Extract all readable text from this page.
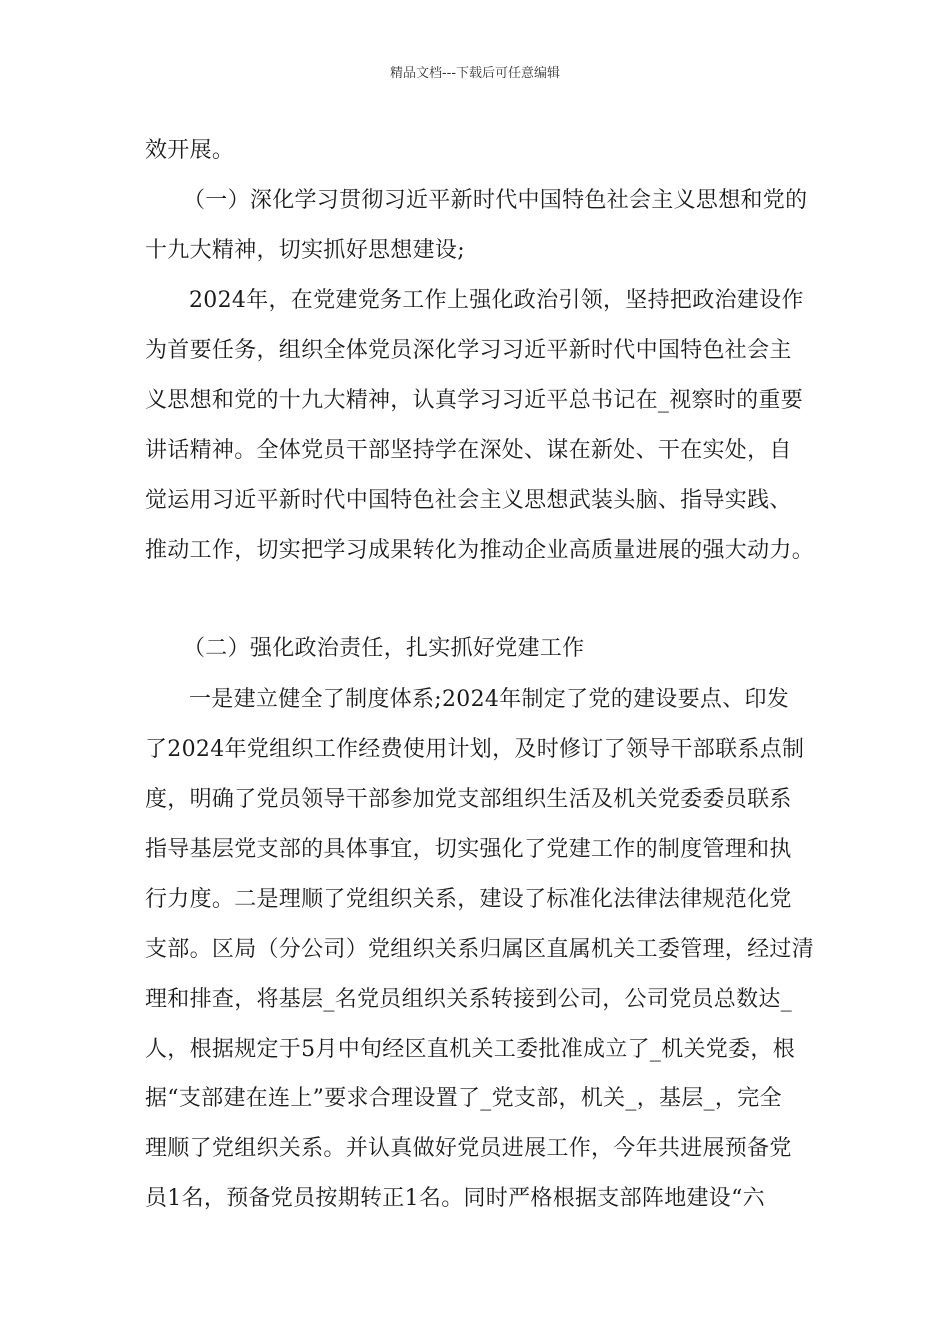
精品文档---下载后可任意编辑
效开展。
（一）深化学习贯彻习近平新时代中国特色社会主义思想和党的
十九大精神，切实抓好思想建设;
2024年，在党建党务工作上强化政治引领，坚持把政治建设作
为首要任务，组织全体党员深化学习习近平新时代中国特色社会主
义思想和党的十九大精神，认真学习习近平总书记在_视察时的重要
讲话精神。全体党员干部坚持学在深处、谋在新处、干在实处，自
觉运用习近平新时代中国特色社会主义思想武装头脑、指导实践、
推动工作，切实把学习成果转化为推动企业高质量进展的强大动力。
（二）强化政治责任，扎实抓好党建工作
一是建立健全了制度体系;2024年制定了党的建设要点、印发
了2024年党组织工作经费使用计划，及时修订了领导干部联系点制
度，明确了党员领导干部参加党支部组织生活及机关党委委员联系
指导基层党支部的具体事宜，切实强化了党建工作的制度管理和执
行力度。二是理顺了党组织关系，建设了标准化法律法律规范化党
支部。区局（分公司）党组织关系归属区直属机关工委管理，经过清
理和排查，将基层_名党员组织关系转接到公司，公司党员总数达_
人，根据规定于5月中旬经区直机关工委批准成立了_机关党委，根
据“支部建在连上”要求合理设置了_党支部，机关_，基层_，完全
理顺了党组织关系。并认真做好党员进展工作，今年共进展预备党
员1名，预备党员按期转正1名。同时严格根据支部阵地建设“六
